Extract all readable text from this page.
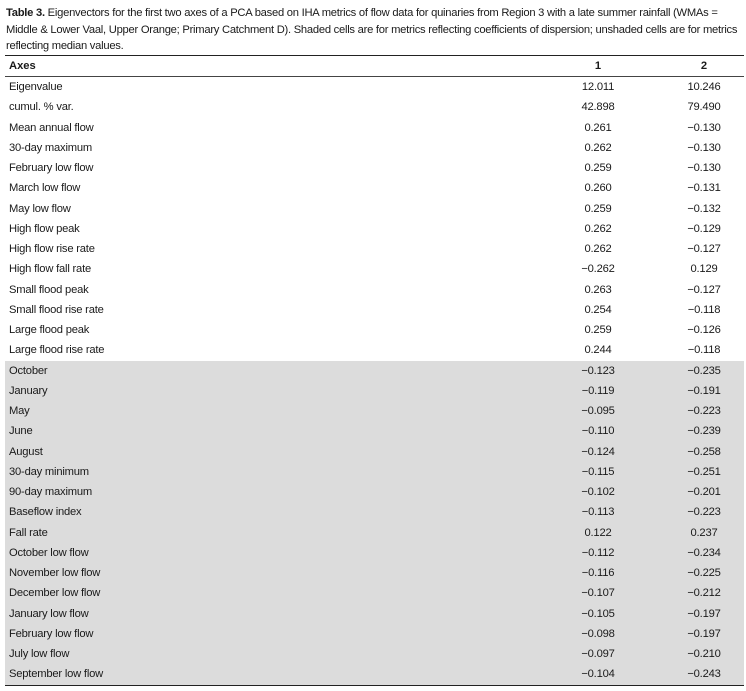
Table 3. Eigenvectors for the first two axes of a PCA based on IHA metrics of flow data for quinaries from Region 3 with a late summer rainfall (WMAs = Middle & Lower Vaal, Upper Orange; Primary Catchment D). Shaded cells are for metrics reflecting coefficients of dispersion; unshaded cells are for metrics reflecting median values.
Axes	1	2
Eigenvalue	12.011	10.246
cumul. % var.	42.898	79.490
Mean annual flow	0.261	−0.130
30-day maximum	0.262	−0.130
February low flow	0.259	−0.130
March low flow	0.260	−0.131
May low flow	0.259	−0.132
High flow peak	0.262	−0.129
High flow rise rate	0.262	−0.127
High flow fall rate	−0.262	0.129
Small flood peak	0.263	−0.127
Small flood rise rate	0.254	−0.118
Large flood peak	0.259	−0.126
Large flood rise rate	0.244	−0.118
October	−0.123	−0.235
January	−0.119	−0.191
May	−0.095	−0.223
June	−0.110	−0.239
August	−0.124	−0.258
30-day minimum	−0.115	−0.251
90-day maximum	−0.102	−0.201
Baseflow index	−0.113	−0.223
Fall rate	0.122	0.237
October low flow	−0.112	−0.234
November low flow	−0.116	−0.225
December low flow	−0.107	−0.212
January low flow	−0.105	−0.197
February low flow	−0.098	−0.197
July low flow	−0.097	−0.210
September low flow	−0.104	−0.243
